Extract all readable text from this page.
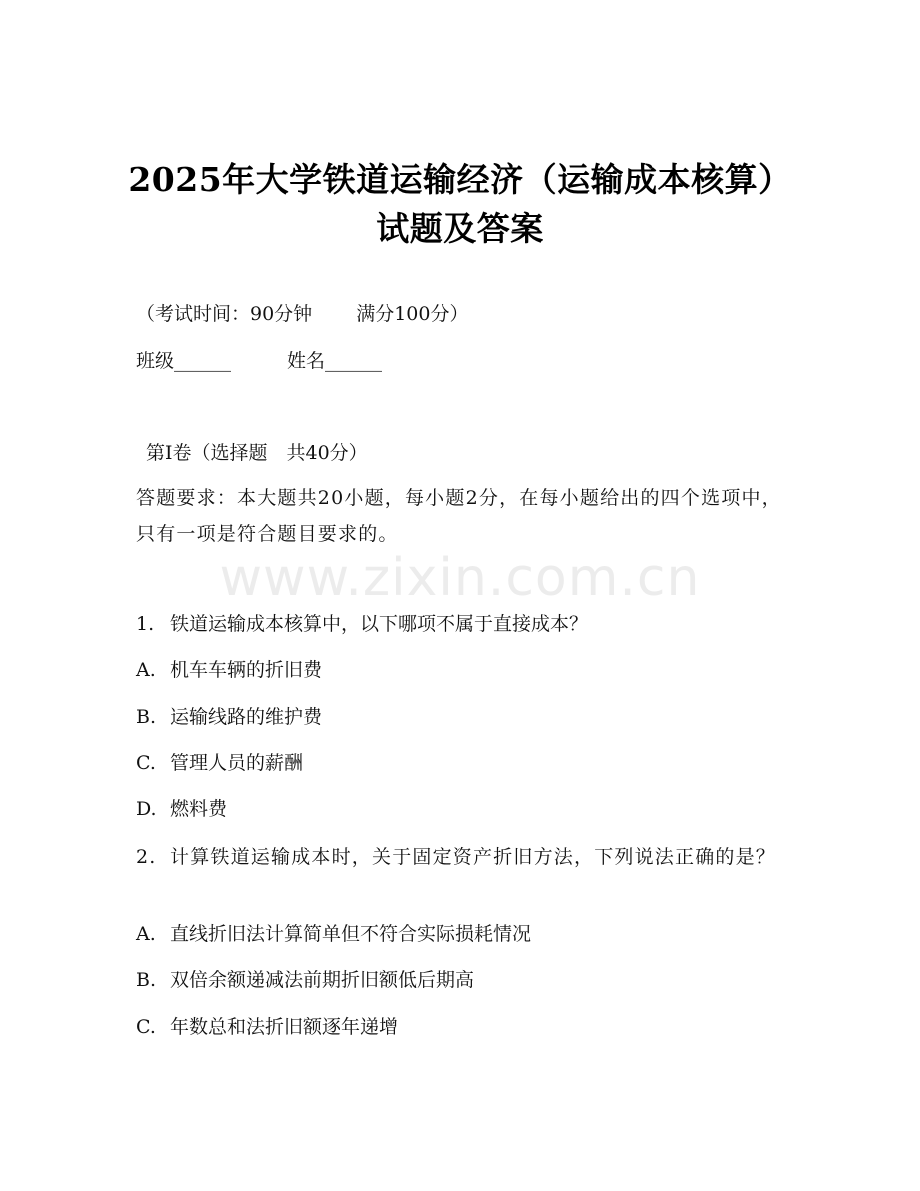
2025年大学铁道运输经济（运输成本核算）
试题及答案
（考试时间：90分钟 满分100分）
班级______	姓名______
第I卷（选择题　共40分）
答题要求：本大题共20小题，每小题2分，在每小题给出的四个选项中，只有一项是符合题目要求的。
www.zixin.com.cn
1. 铁道运输成本核算中，以下哪项不属于直接成本？
A. 机车车辆的折旧费
B. 运输线路的维护费
C. 管理人员的薪酬
D. 燃料费
2. 计算铁道运输成本时，关于固定资产折旧方法，下列说法正确的是？
A. 直线折旧法计算简单但不符合实际损耗情况
B. 双倍余额递减法前期折旧额低后期高
C. 年数总和法折旧额逐年递增
